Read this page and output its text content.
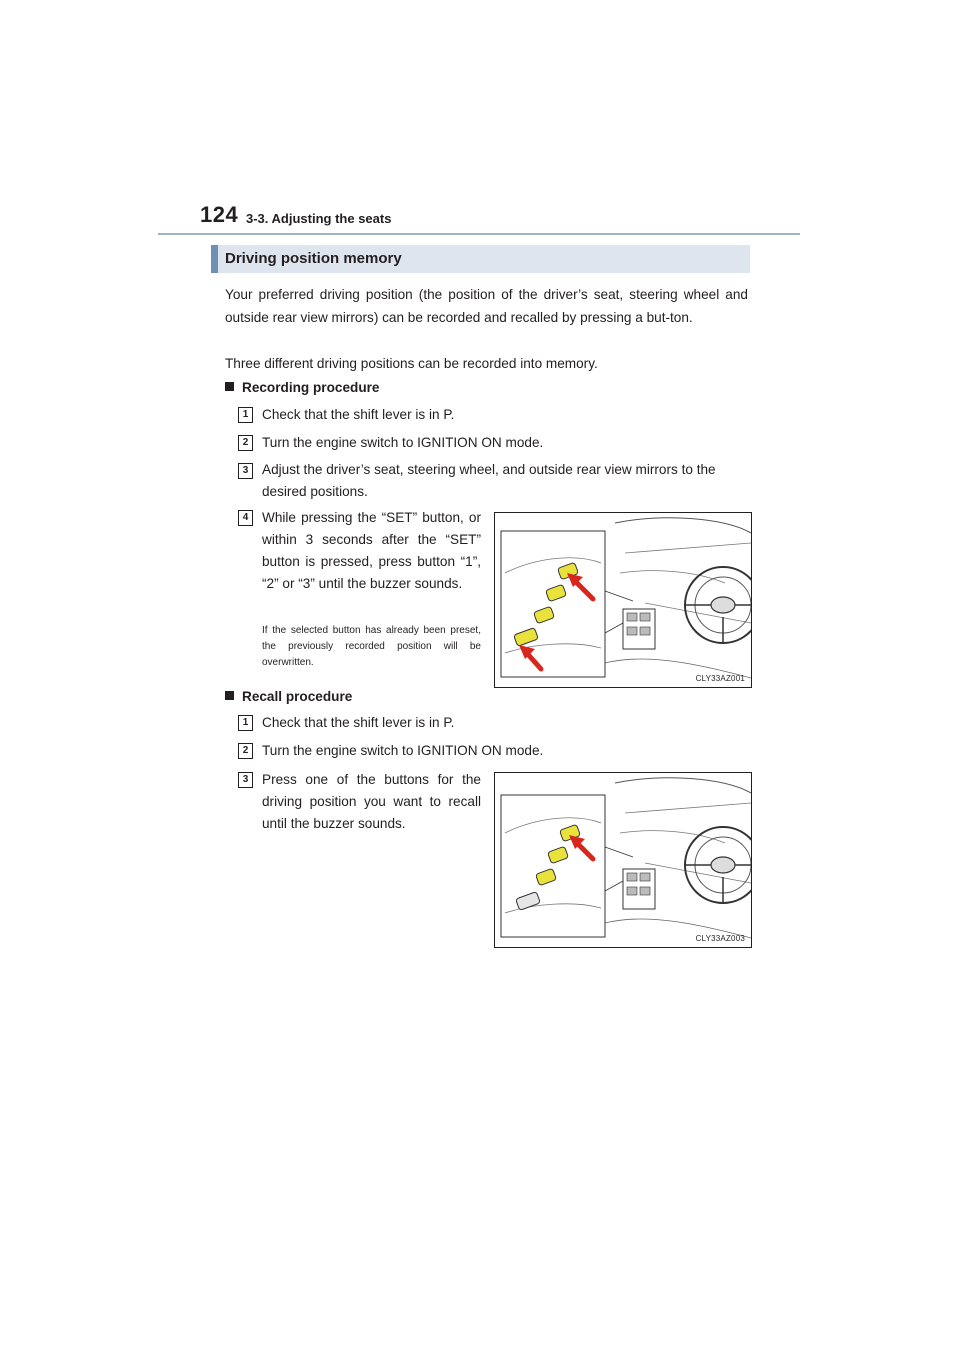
124 3-3. Adjusting the seats
Driving position memory

Your preferred driving position (the position of the driver’s seat, steering wheel and outside rear view mirrors) can be recorded and recalled by pressing a but-ton.

Three different driving positions can be recorded into memory.

Recording procedure
1	Check that the shift lever is in P.

2	Turn the engine switch to IGNITION ON mode.

3	Adjust the driver’s seat, steering wheel, and outside rear view mirrors to the desired positions.

4	While pressing the “SET” button, or within 3 seconds after the “SET” button is pressed, press button “1”, “2” or “3” until the buzzer sounds.

If the selected button has already been preset, the previously recorded position will be overwritten.

CLY33AZ001
Recall procedure
1	Check that the shift lever is in P.

2	Turn the engine switch to IGNITION ON mode.

3	Press one of the buttons for the driving position you want to recall until the buzzer sounds.

CLY33AZ003
